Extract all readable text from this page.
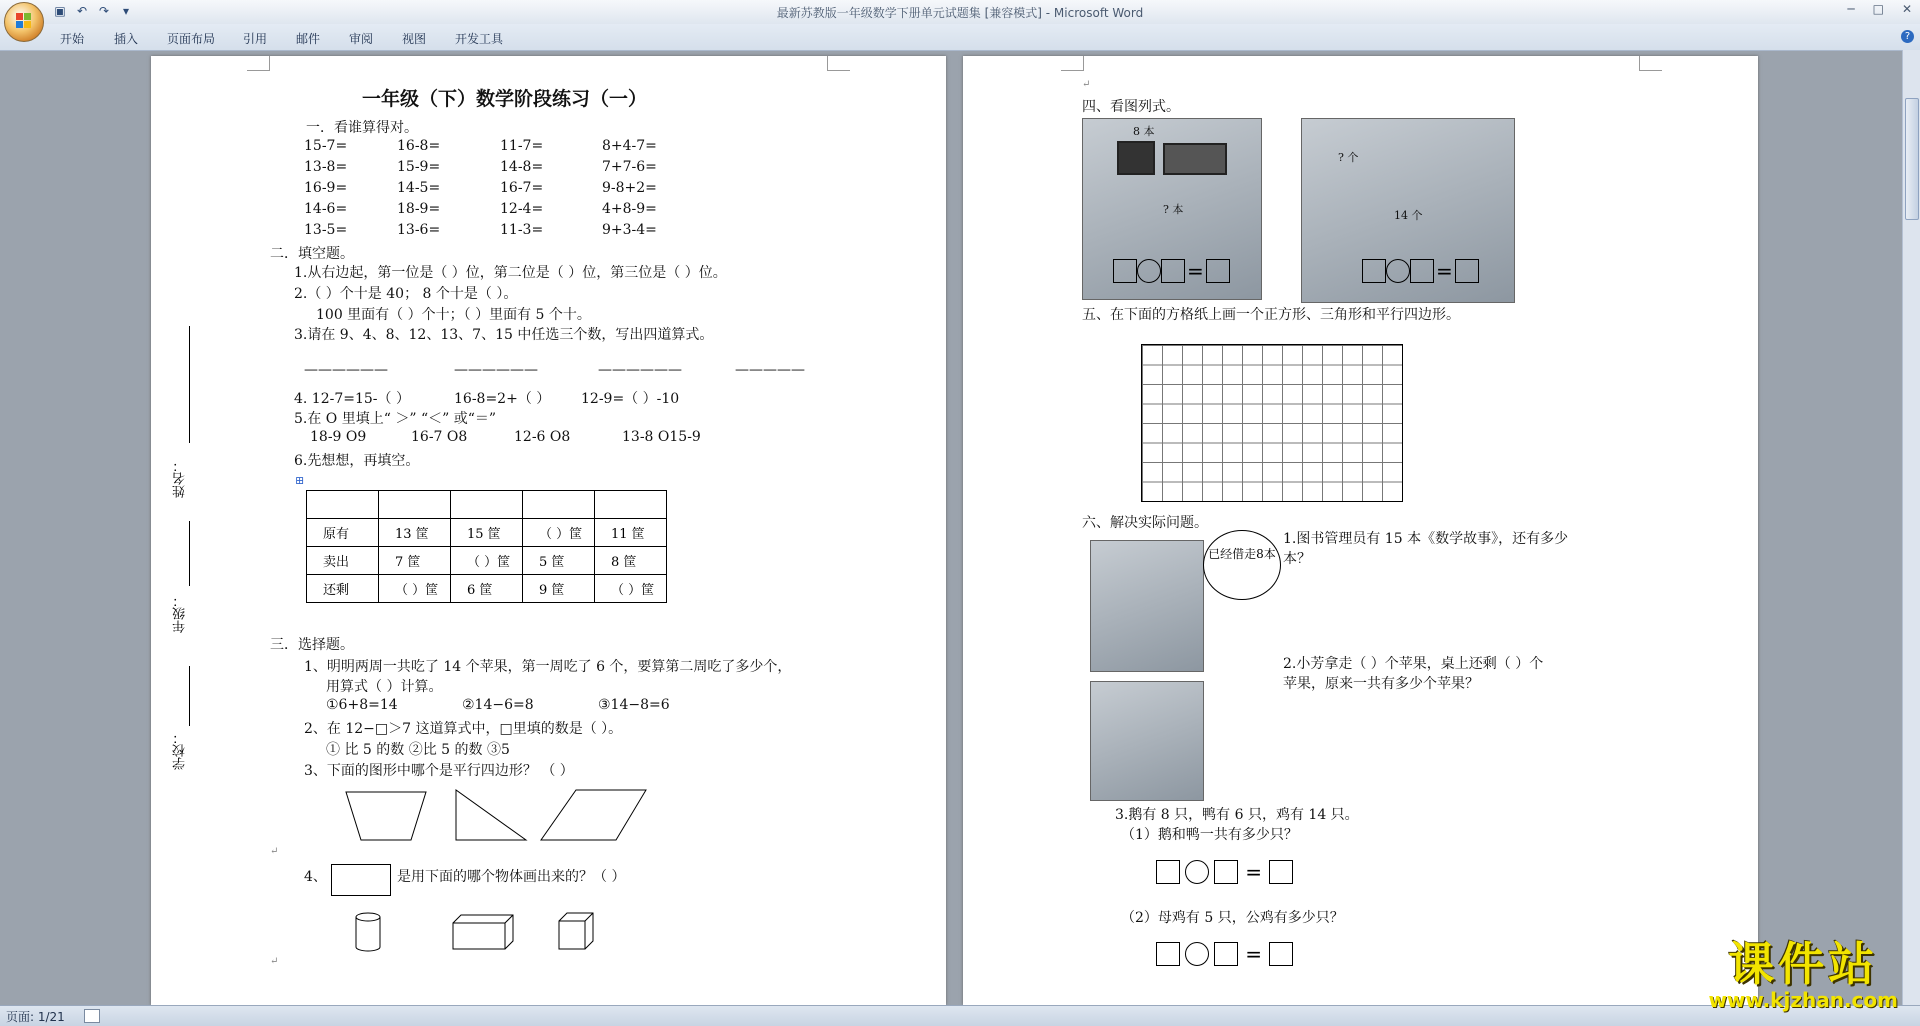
▣ ↶ ↷	▾	最新苏教版一年级数学下册单元试题集 [兼容模式] - Microsoft Word	─ □ ✕
开始 插入 页面布局 引用 邮件 审阅 视图 开发工具	?
一年级（下）数学阶段练习（一）
一．看谁算得对。
15-7=	16-8=	11-7=	8+4-7=
13-8=	15-9=	14-8=	7+7-6=
16-9=	14-5=	16-7=	9-8+2=
14-6=	18-9=	12-4=	4+8-9=
13-5=	13-6=	11-3=	9+3-4=
二．填空题。
1.从右边起，第一位是（ ）位，第二位是（ ）位，第三位是（ ）位。
2.（ ）个十是 40； 8 个十是（ ）。
100 里面有（ ）个十；（ ）里面有 5 个十。
3.请在 9、4、8、12、13、7、15 中任选三个数，写出四道算式。
——————	——————	——————	—————
4. 12-7=15-（ ）	16-8=2+（ ） 12-9=（ ）-10
5.在 O 里填上“ ＞” “＜” 或“＝”
18-9 O9	16-7 O8	12-6 O8	13-8 O15-9
6.先想想，再填空。
⊞

原有	13 筐	15 筐	（ ）筐	11 筐
卖出	7 筐	（ ）筐	5 筐	8 筐
还剩	（ ）筐	6 筐	9 筐	（ ）筐
三．选择题。
1、明明两周一共吃了 14 个苹果，第一周吃了 6 个，要算第二周吃了多少个，
用算式（ ）计算。
①6+8=14	②14−6=8	③14−8=6
2、在 12−□＞7 这道算式中，□里填的数是（ ）。
① 比 5 的数 ②比 5 的数 ③5
3、下面的图形中哪个是平行四边形？ （ ）
4、	是用下面的哪个物体画出来的？（ ）
学校：
年级：
姓名：
↵
↵
↵
四、看图列式。
8 本
? 本
=
? 个
14 个
=
五、在下面的方格纸上画一个正方形、三角形和平行四边形。
六、解决实际问题。
已经借走8本
1.图书管理员有 15 本《数学故事》，还有多少
本？
2.小芳拿走（ ）个苹果，桌上还剩（ ）个
苹果，原来一共有多少个苹果？
3.鹅有 8 只，鸭有 6 只，鸡有 14 只。
（1）鹅和鸭一共有多少只？
=
（2）母鸡有 5 只，公鸡有多少只？
=
页面: 1/21
课件站
www.kjzhan.com
